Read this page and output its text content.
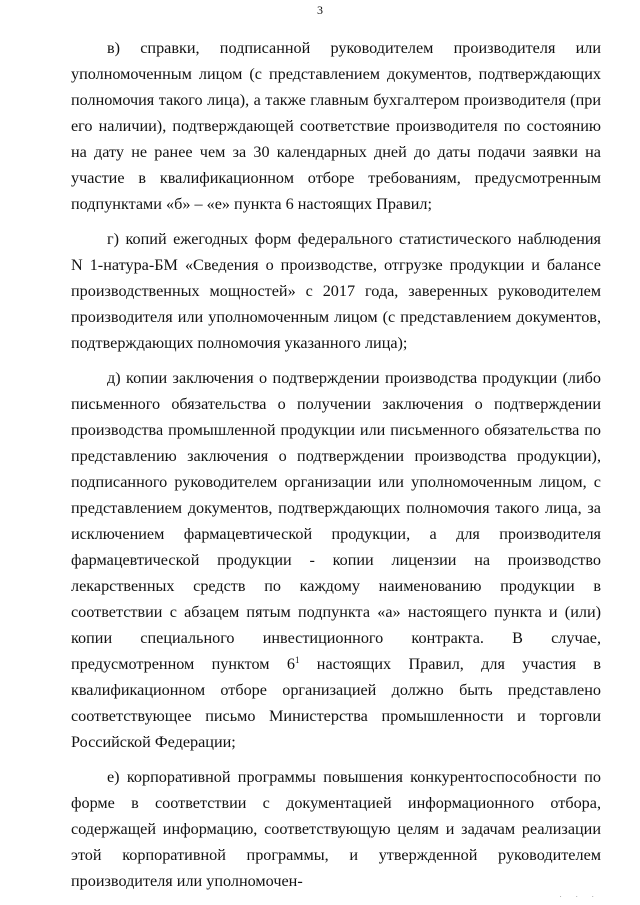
3

в) справки, подписанной руководителем производителя или уполномоченным лицом (с представлением документов, подтверждающих полномочия такого лица), а также главным бухгалтером производителя (при его наличии), подтверждающей соответствие производителя по состоянию на дату не ранее чем за 30 календарных дней до даты подачи заявки на участие в квалификационном отборе требованиям, предусмотренным подпунктами «б» – «е» пункта 6 настоящих Правил;

г) копий ежегодных форм федерального статистического наблюдения N 1-натура-БМ «Сведения о производстве, отгрузке продукции и балансе производственных мощностей» с 2017 года, заверенных руководителем производителя или уполномоченным лицом (с представлением документов, подтверждающих полномочия указанного лица);

д) копии заключения о подтверждении производства продукции (либо письменного обязательства о получении заключения о подтверждении производства промышленной продукции или письменного обязательства по представлению заключения о подтверждении производства продукции), подписанного руководителем организации или уполномоченным лицом, с представлением документов, подтверждающих полномочия такого лица, за исключением фармацевтической продукции, а для производителя фармацевтической продукции - копии лицензии на производство лекарственных средств по каждому наименованию продукции в соответствии с абзацем пятым подпункта «а» настоящего пункта и (или) копии специального инвестиционного контракта. В случае, предусмотренном пунктом $6^1$ настоящих Правил, для участия в квалификационном отборе организацией должно быть представлено соответствующее письмо Министерства промышленности и торговли Российской Федерации;

е) корпоративной программы повышения конкурентоспособности по форме в соответствии с документацией информационного отбора, содержащей информацию, соответствующую целям и задачам реализации этой корпоративной программы, и утвержденной руководителем производителя или уполномочен-

· · ·
